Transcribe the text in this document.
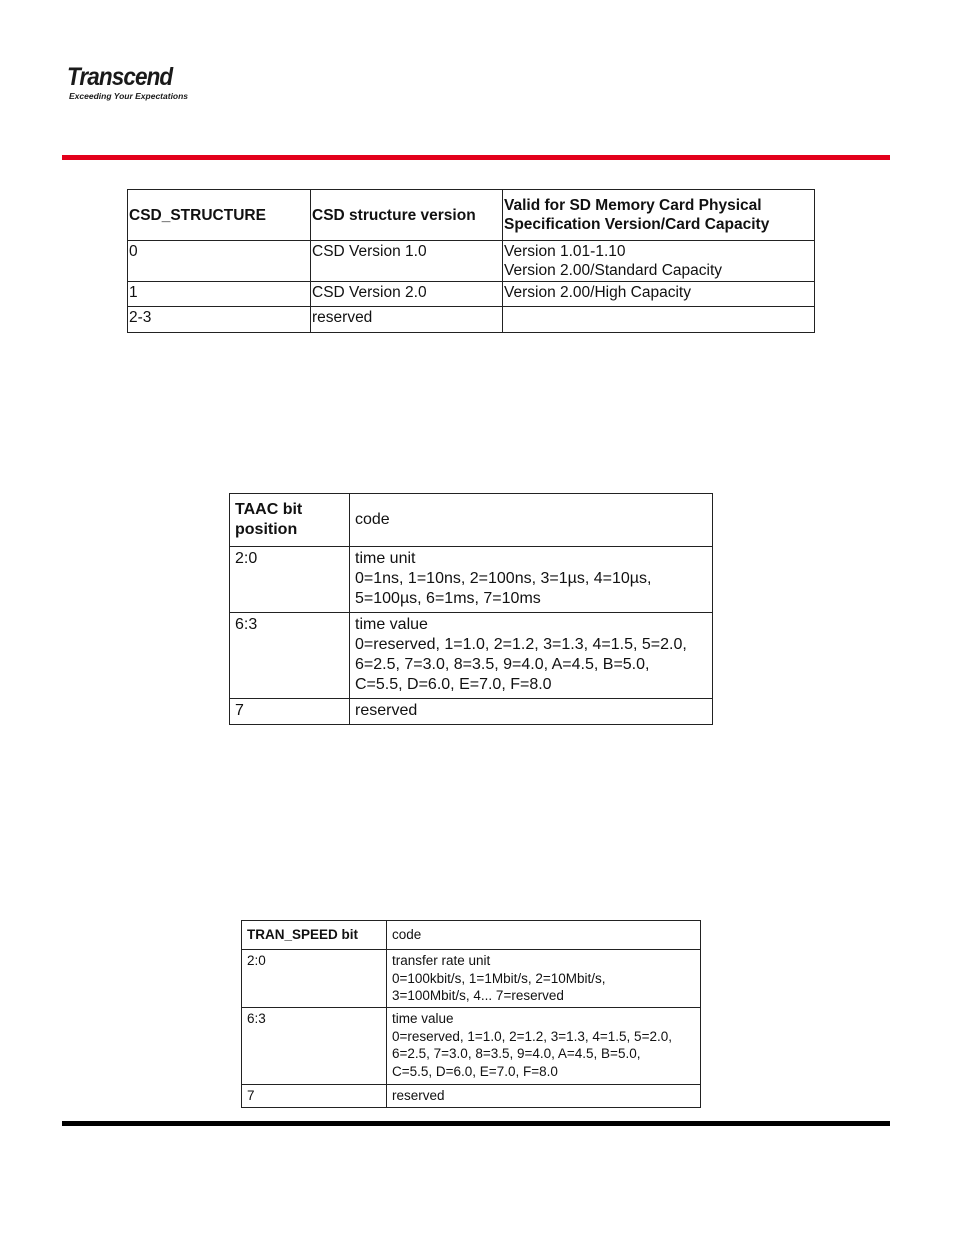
Transcend
Exceeding Your Expectations
CSD_STRUCTURE	CSD structure version	Valid for SD Memory Card Physical
Specification Version/Card Capacity

0	CSD Version 1.0	Version 1.01-1.10
Version 2.00/Standard Capacity

1	CSD Version 2.0	Version 2.00/High Capacity

2-3	reserved	

TAAC bit
position	code

2:0	time unit
0=1ns, 1=10ns, 2=100ns, 3=1µs, 4=10µs,
5=100µs, 6=1ms, 7=10ms

6:3	time value
0=reserved, 1=1.0, 2=1.2, 3=1.3, 4=1.5, 5=2.0,
6=2.5, 7=3.0, 8=3.5, 9=4.0, A=4.5, B=5.0,
C=5.5, D=6.0, E=7.0, F=8.0

7	reserved
TRAN_SPEED bit	code

2:0	transfer rate unit
0=100kbit/s, 1=1Mbit/s, 2=10Mbit/s,
3=100Mbit/s, 4... 7=reserved

6:3	time value
0=reserved, 1=1.0, 2=1.2, 3=1.3, 4=1.5, 5=2.0,
6=2.5, 7=3.0, 8=3.5, 9=4.0, A=4.5, B=5.0,
C=5.5, D=6.0, E=7.0, F=8.0

7	reserved
